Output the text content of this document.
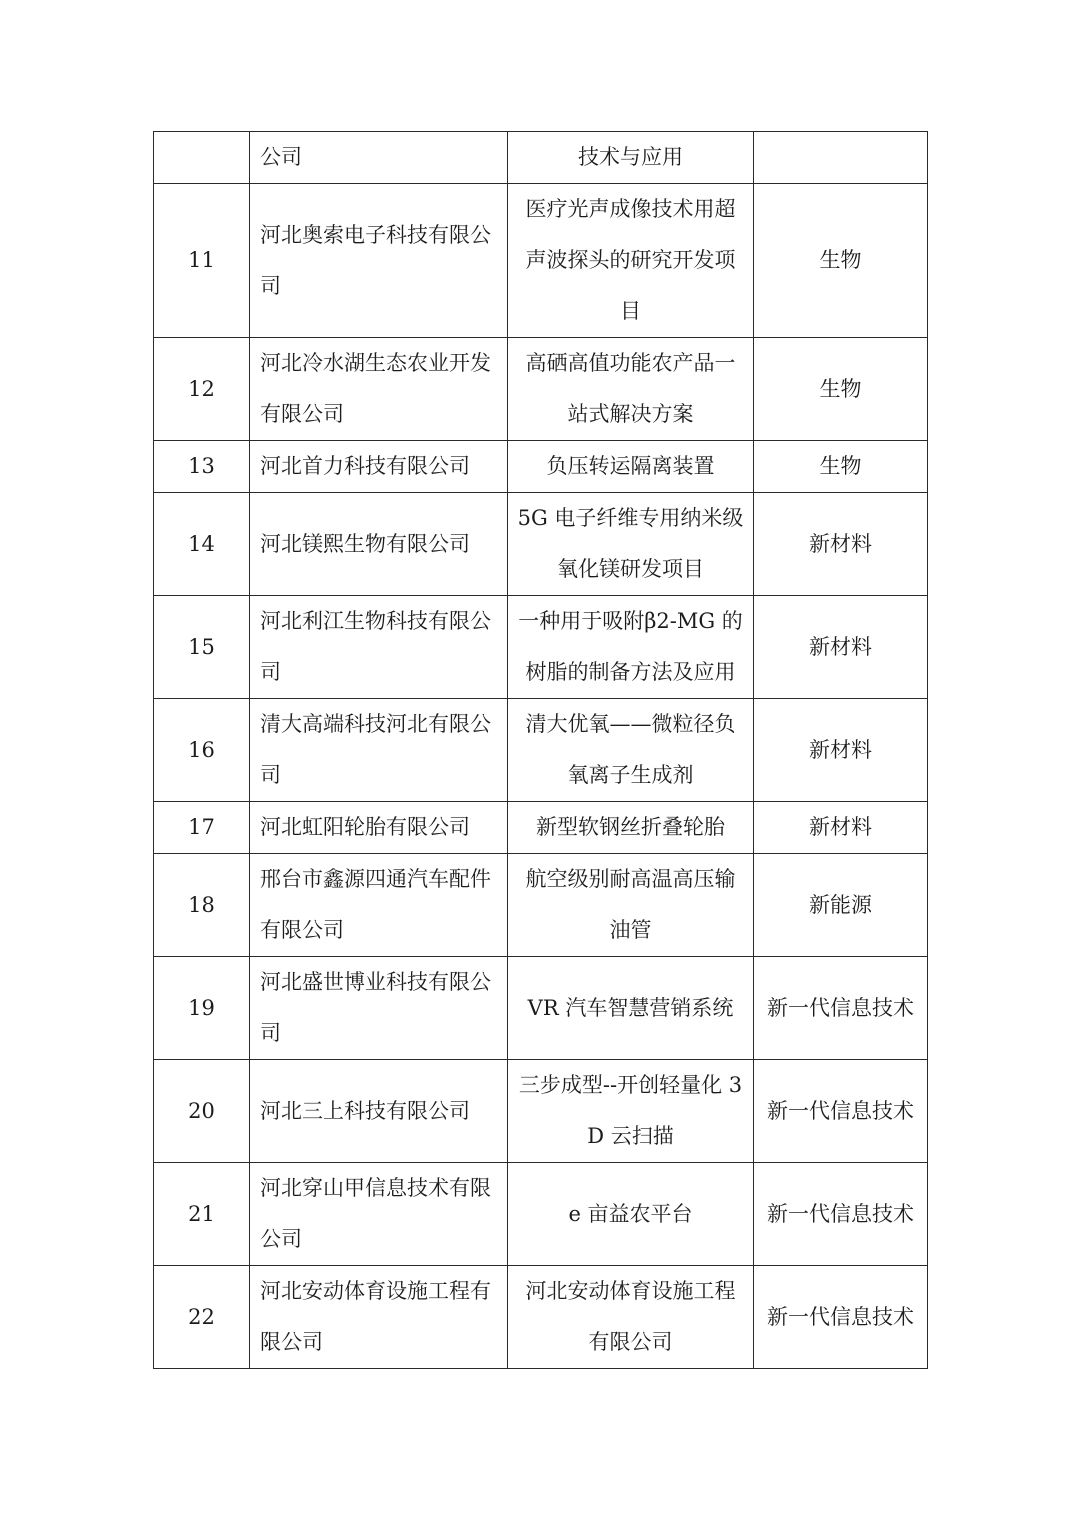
	公司	技术与应用	
11	河北奥索电子科技有限公司	医疗光声成像技术用超声波探头的研究开发项目	生物
12	河北冷水湖生态农业开发有限公司	高硒高值功能农产品一站式解决方案	生物
13	河北首力科技有限公司	负压转运隔离装置	生物
14	河北镁熙生物有限公司	5G 电子纤维专用纳米级氧化镁研发项目	新材料
15	河北利江生物科技有限公司	一种用于吸附β2-MG 的树脂的制备方法及应用	新材料
16	清大高端科技河北有限公司	清大优氧——微粒径负氧离子生成剂	新材料
17	河北虹阳轮胎有限公司	新型软钢丝折叠轮胎	新材料
18	邢台市鑫源四通汽车配件有限公司	航空级别耐高温高压输油管	新能源
19	河北盛世博业科技有限公司	VR 汽车智慧营销系统	新一代信息技术
20	河北三上科技有限公司	三步成型--开创轻量化 3D 云扫描	新一代信息技术
21	河北穿山甲信息技术有限公司	e 亩益农平台	新一代信息技术
22	河北安动体育设施工程有限公司	河北安动体育设施工程有限公司	新一代信息技术
